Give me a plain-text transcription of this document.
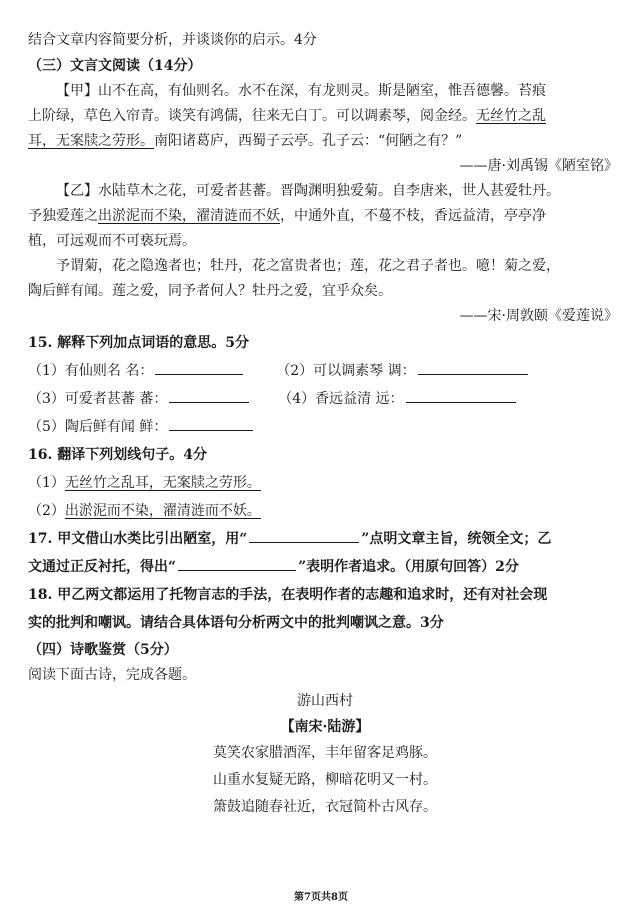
结合文章内容简要分析，并谈谈你的启示。4分

（三）文言文阅读（14分）

【甲】山不在高，有仙则名。水不在深，有龙则灵。斯是陋室，惟吾德馨。苔痕

上阶绿，草色入帘青。谈笑有鸿儒，往来无白丁。可以调素琴，阅金经。无丝竹之乱

耳，无案牍之劳形。南阳诸葛庐，西蜀子云亭。孔子云：“何陋之有？”

——唐·刘禹锡《陋室铭》

【乙】水陆草木之花，可爱者甚蕃。晋陶渊明独爱菊。自李唐来，世人甚爱牡丹。

予独爱莲之出淤泥而不染，濯清涟而不妖，中通外直，不蔓不枝，香远益清，亭亭净

植，可远观而不可亵玩焉。

予谓菊，花之隐逸者也；牡丹，花之富贵者也；莲，花之君子者也。噫！菊之爱，

陶后鲜有闻。莲之爱，同予者何人？牡丹之爱，宜乎众矣。

——宋·周敦颐《爱莲说》

15. 解释下列加点词语的意思。5分

（1）有仙则名 名：	（2）可以调素琴 调：

（3）可爱者甚蕃 蕃：	（4）香远益清 远：

（5）陶后鲜有闻 鲜：

16. 翻译下列划线句子。4分

（1）无丝竹之乱耳，无案牍之劳形。

（2）出淤泥而不染，濯清涟而不妖。

17. 甲文借山水类比引出陋室，用“	”点明文章主旨，统领全文；乙

文通过正反衬托，得出“	”表明作者追求。（用原句回答）2分

18. 甲乙两文都运用了托物言志的手法，在表明作者的志趣和追求时，还有对社会现

实的批判和嘲讽。请结合具体语句分析两文中的批判嘲讽之意。3分

（四）诗歌鉴赏（5分）

阅读下面古诗，完成各题。

游山西村

【南宋·陆游】

莫笑农家腊酒浑，丰年留客足鸡豚。

山重水复疑无路，柳暗花明又一村。

箫鼓追随春社近，衣冠简朴古风存。

第7页共8页
